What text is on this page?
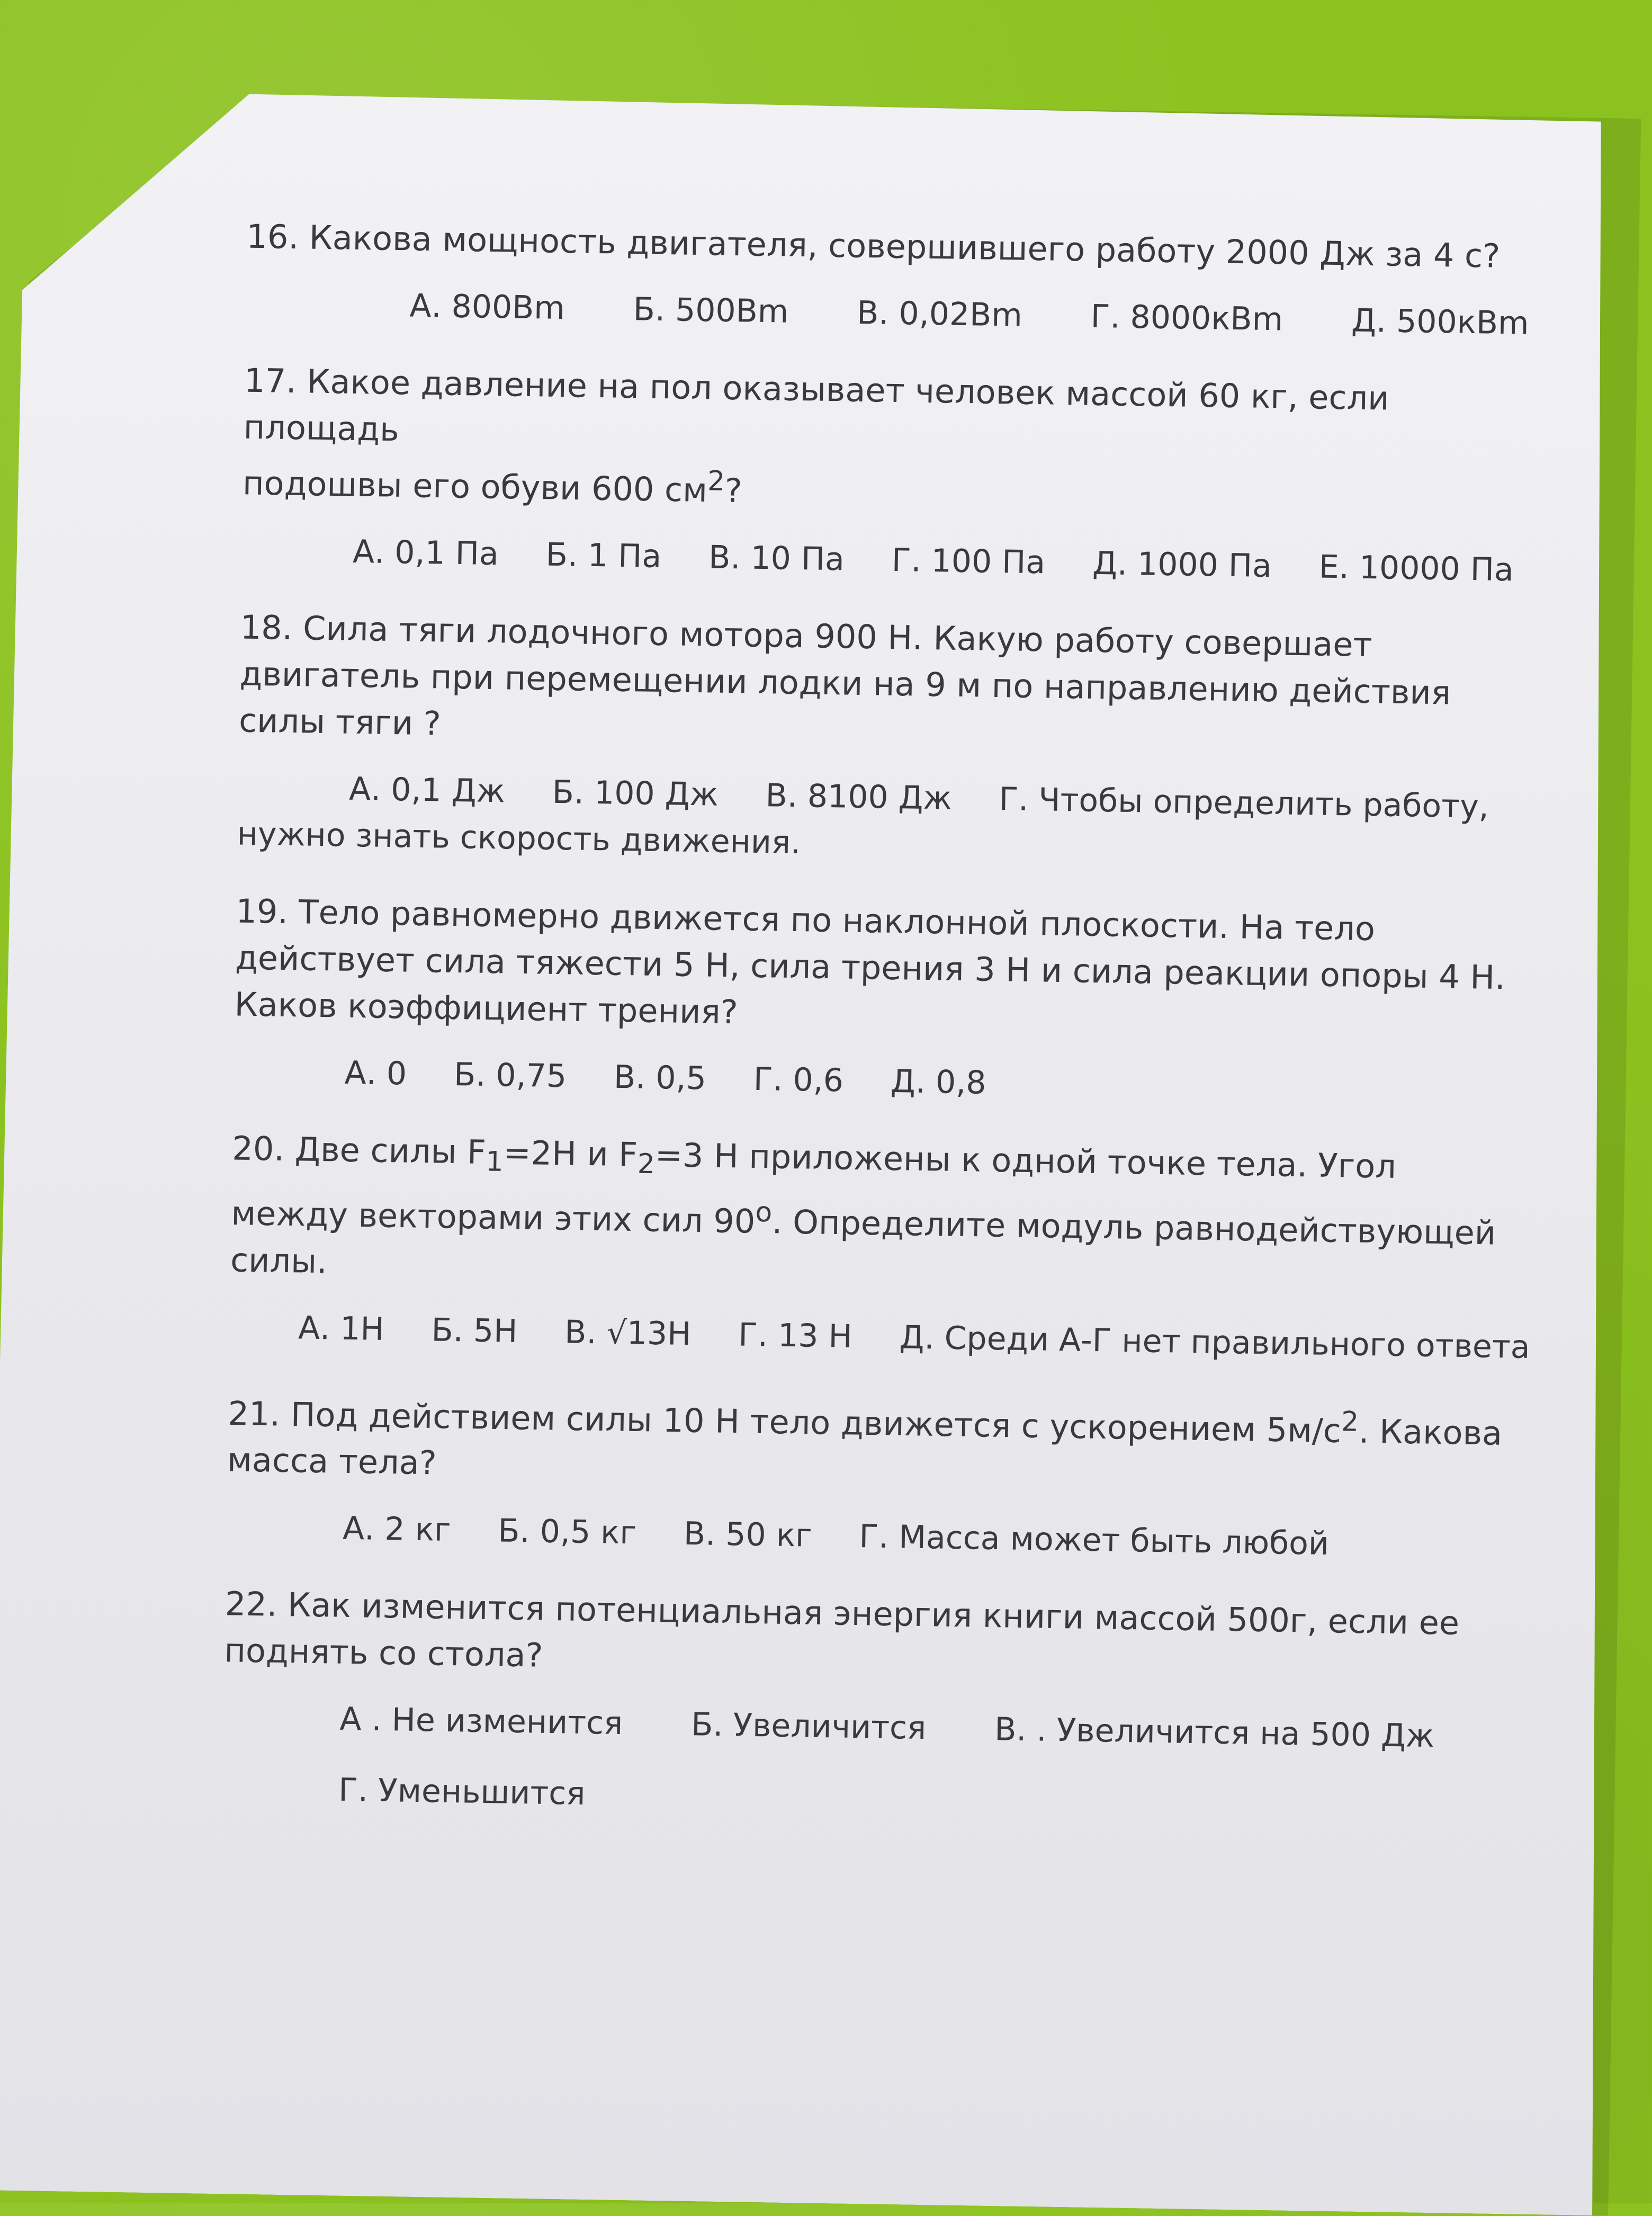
16. Какова мощность двигателя, совершившего работу 2000 Дж за 4 с?

А. 800Вm Б. 500Вm В. 0,02Вm Г. 8000кВm Д. 500кВm

17. Какое давление на пол оказывает человек массой 60 кг, если площадь
подошвы его обуви 600 $см^2$?

А. 0,1 Па Б. 1 Па В. 10 Па Г. 100 Па Д. 1000 Па Е. 10000 Па

18. Сила тяги лодочного мотора 900 Н. Какую работу совершает двигатель при перемещении лодки на 9 м по направлению действия силы тяги ?

А. 0,1 Дж Б. 100 Дж В. 8100 Дж Г. Чтобы определить работу,
нужно знать скорость движения.

19. Тело равномерно движется по наклонной плоскости. На тело действует сила тяжести 5 Н, сила трения 3 Н и сила реакции опоры 4 Н. Каков коэффициент трения?

А. 0 Б. 0,75 В. 0,5 Г. 0,6 Д. 0,8

20. Две силы $F_1=2Н$ и $F_2=3$ Н приложены к одной точке тела. Угол между векторами этих сил 90$^o$. Определите модуль равнодействующей силы.

А. 1Н Б. 5Н В. √13Н Г. 13 Н Д. Среди А-Г нет правильного ответа

21. Под действием силы 10 Н тело движется с ускорением $5м/с^2$. Какова масса тела?

А. 2 кг Б. 0,5 кг В. 50 кг Г. Масса может быть любой

22. Как изменится потенциальная энергия книги массой 500г, если ее поднять со стола?

А . Не изменится Б. Увеличится В. . Увеличится на 500 Дж
Г. Уменьшится
